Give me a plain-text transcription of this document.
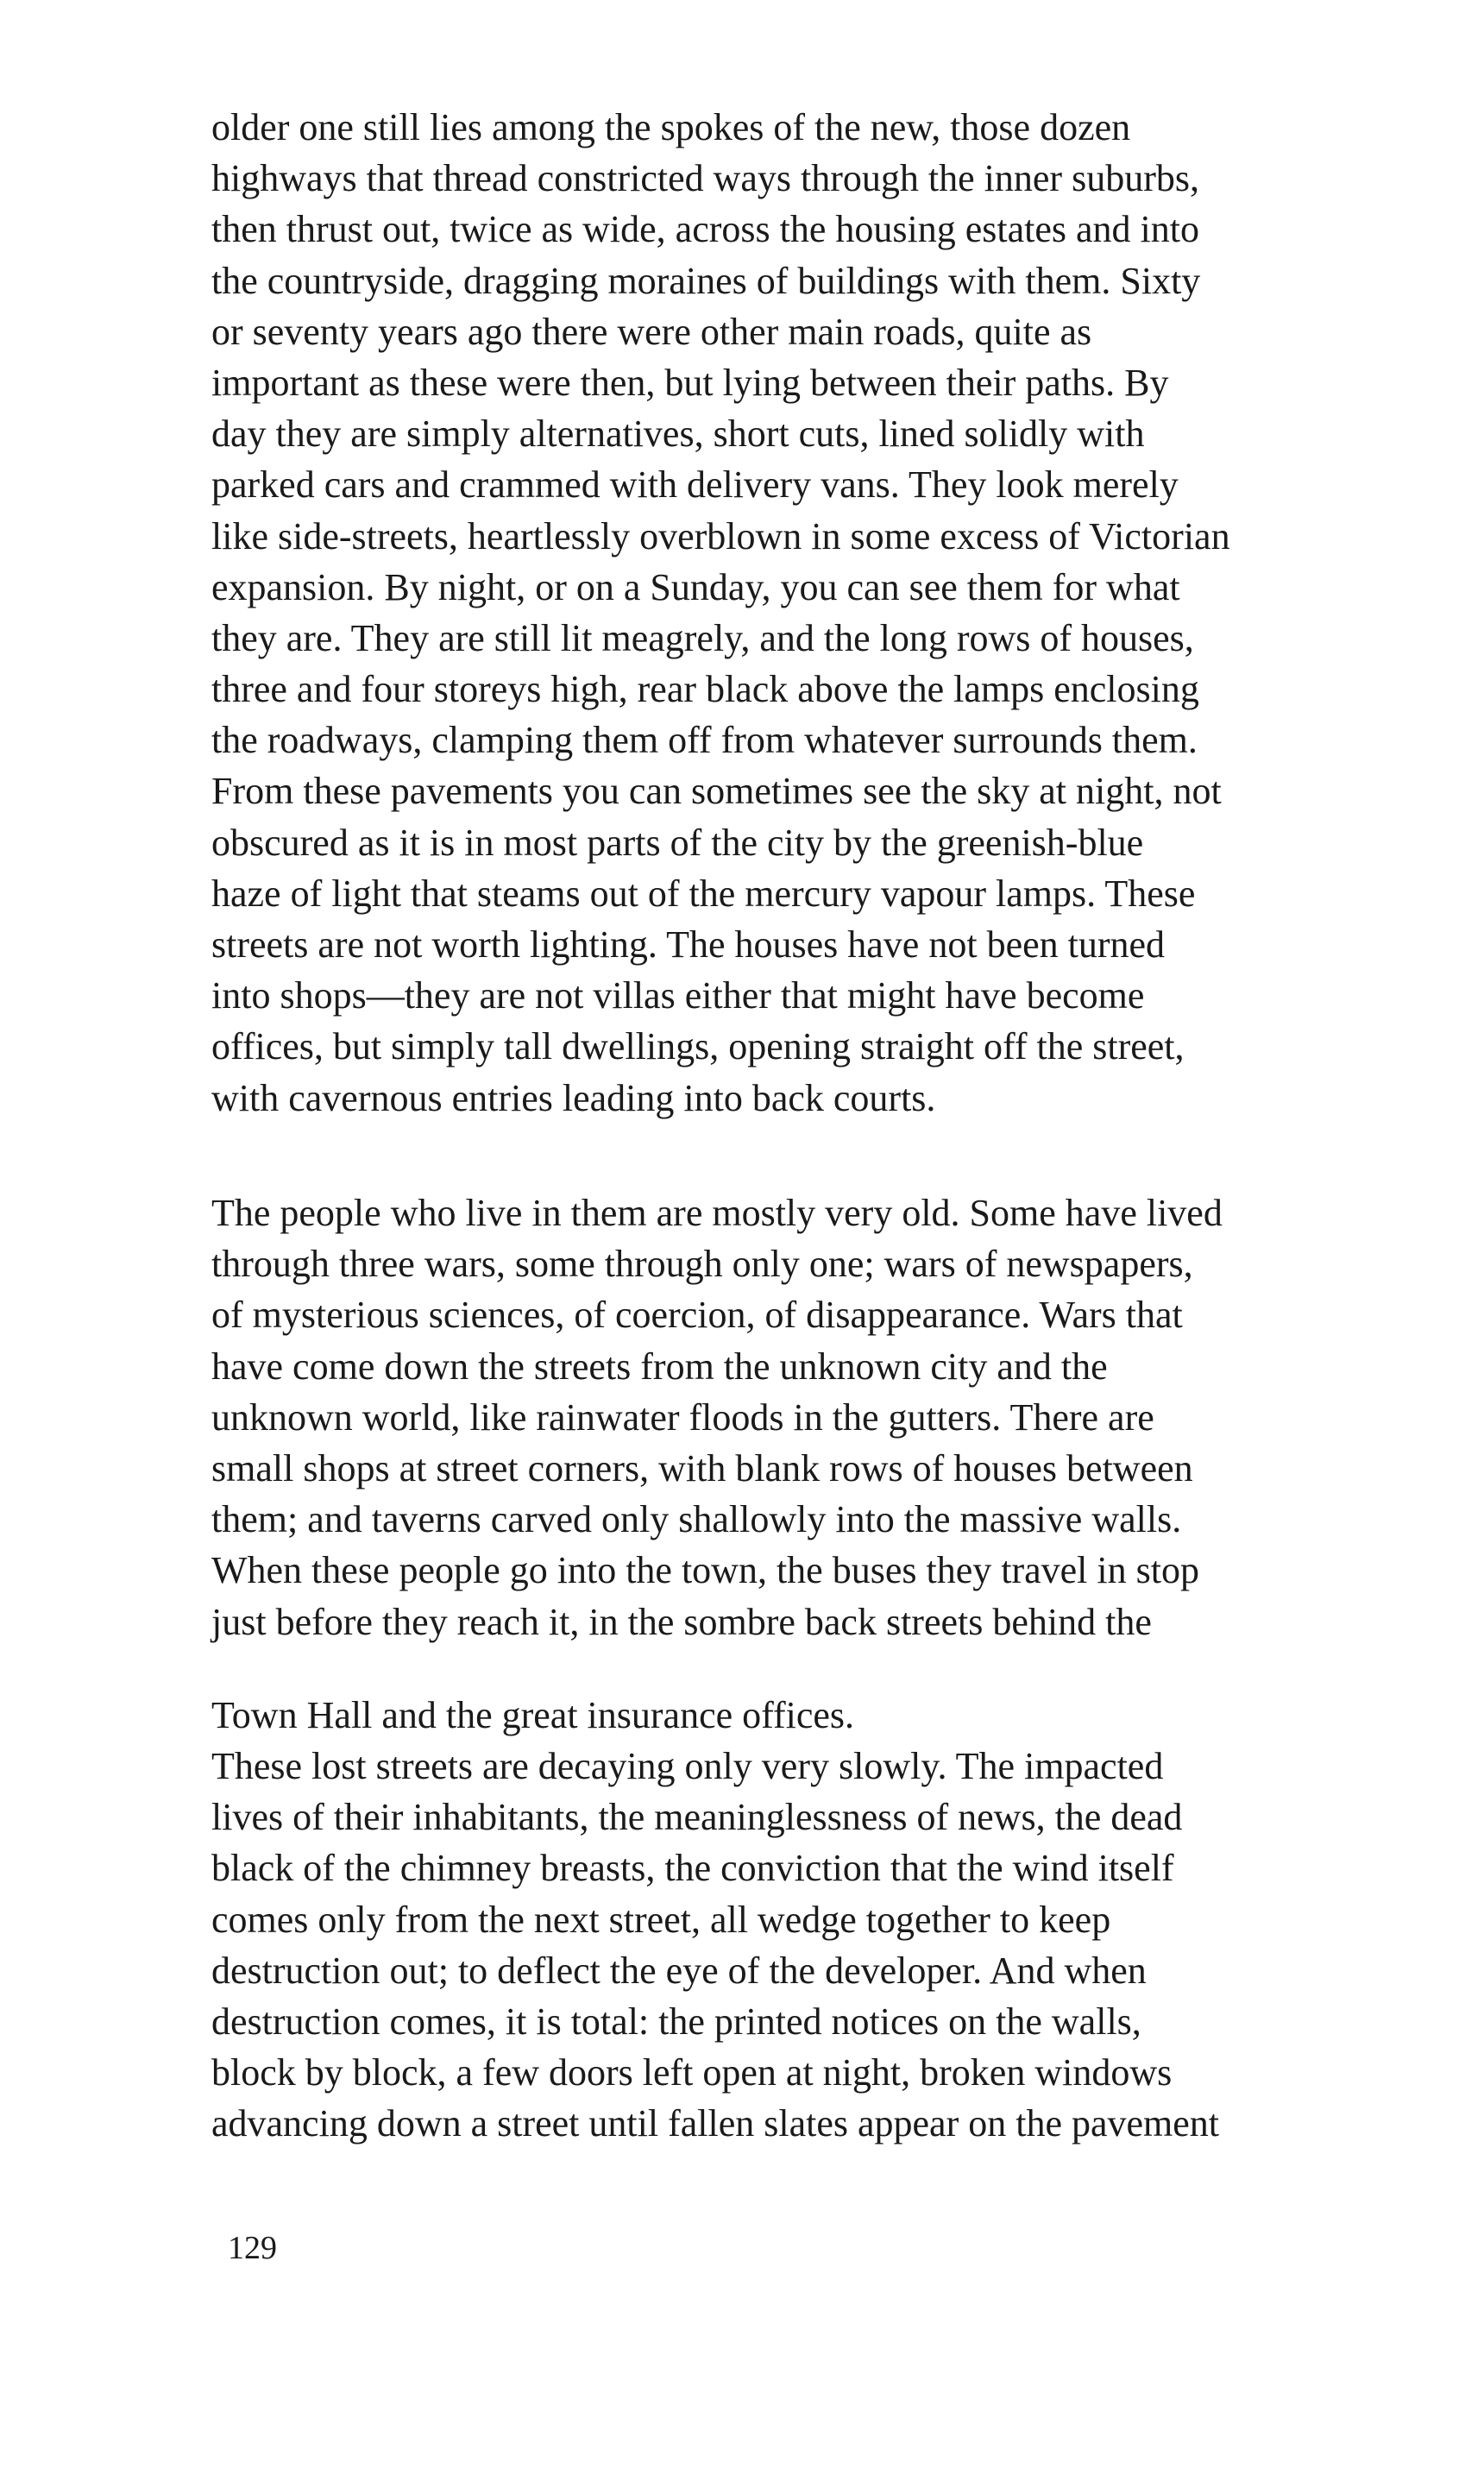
older one still lies among the spokes of the new, those dozen
highways that thread constricted ways through the inner suburbs,
then thrust out, twice as wide, across the housing estates and into
the countryside, dragging moraines of buildings with them. Sixty
or seventy years ago there were other main roads, quite as
important as these were then, but lying between their paths. By
day they are simply alternatives, short cuts, lined solidly with
parked cars and crammed with delivery vans. They look merely
like side-streets, heartlessly overblown in some excess of Victorian
expansion. By night, or on a Sunday, you can see them for what
they are. They are still lit meagrely, and the long rows of houses,
three and four storeys high, rear black above the lamps enclosing
the roadways, clamping them off from whatever surrounds them.
From these pavements you can sometimes see the sky at night, not
obscured as it is in most parts of the city by the greenish-blue
haze of light that steams out of the mercury vapour lamps. These
streets are not worth lighting. The houses have not been turned
into shops—they are not villas either that might have become
offices, but simply tall dwellings, opening straight off the street,
with cavernous entries leading into back courts.

The people who live in them are mostly very old. Some have lived
through three wars, some through only one; wars of newspapers,
of mysterious sciences, of coercion, of disappearance. Wars that
have come down the streets from the unknown city and the
unknown world, like rainwater floods in the gutters. There are
small shops at street corners, with blank rows of houses between
them; and taverns carved only shallowly into the massive walls.
When these people go into the town, the buses they travel in stop
just before they reach it, in the sombre back streets behind the

Town Hall and the great insurance offices.

These lost streets are decaying only very slowly. The impacted
lives of their inhabitants, the meaninglessness of news, the dead
black of the chimney breasts, the conviction that the wind itself
comes only from the next street, all wedge together to keep
destruction out; to deflect the eye of the developer. And when
destruction comes, it is total: the printed notices on the walls,
block by block, a few doors left open at night, broken windows
advancing down a street until fallen slates appear on the pavement

129
